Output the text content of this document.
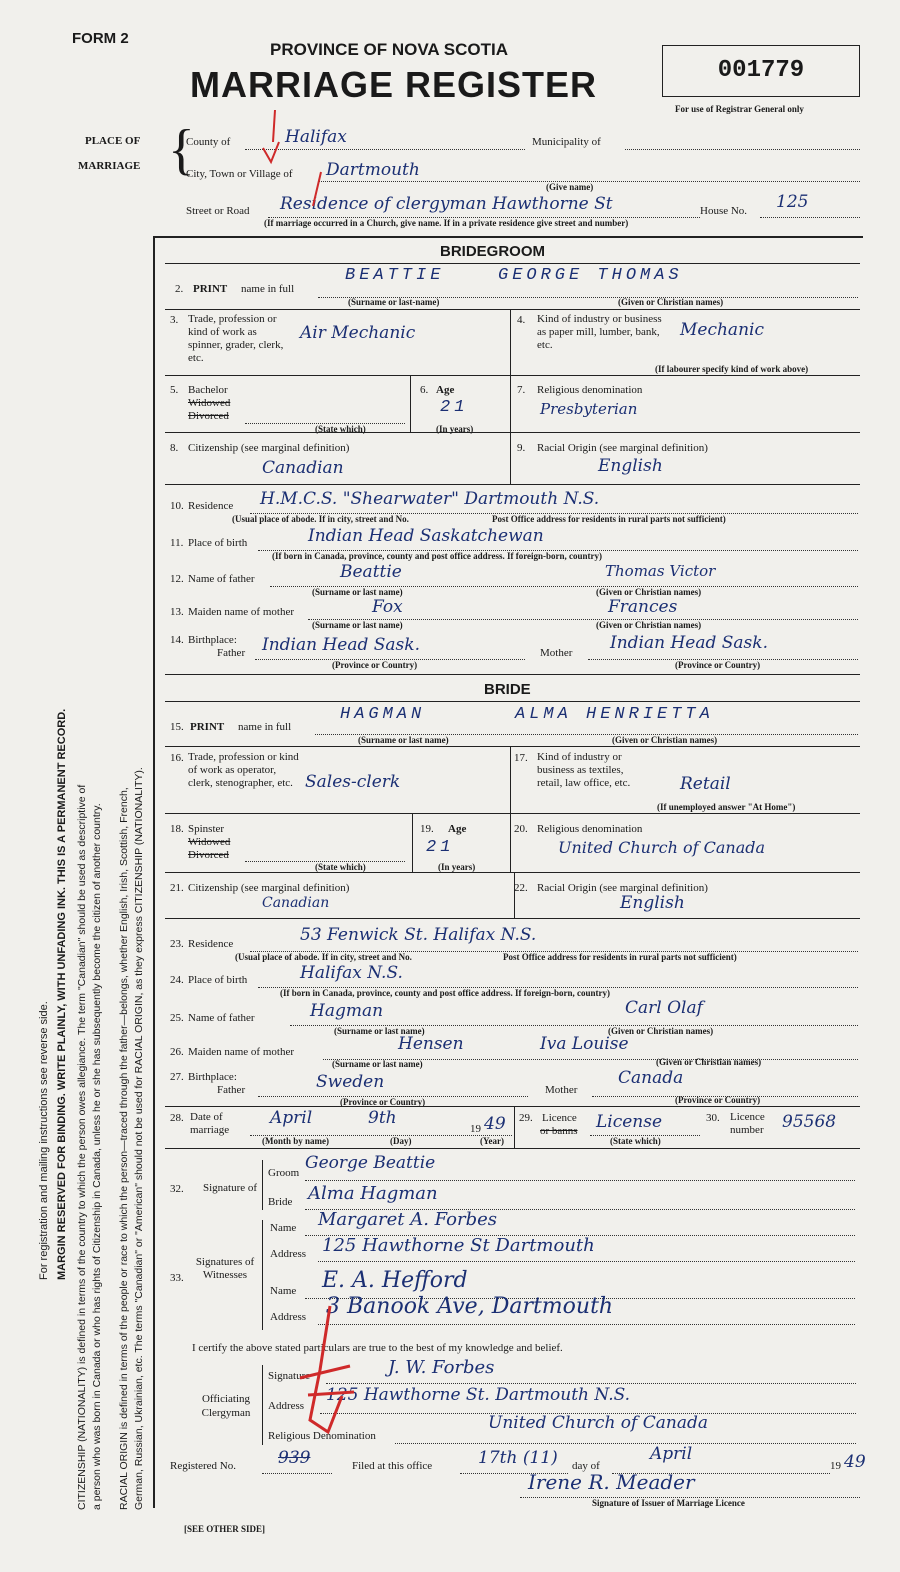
FORM 2
PROVINCE OF NOVA SCOTIA
MARRIAGE REGISTER	001779
For use of Registrar General only
PLACE OF
MARRIAGE {
County of	Halifax	Municipality of
City, Town or Village of Dartmouth
(Give name)
Street or Road Residence of clergyman Hawthorne St	House No. 125
(If marriage occurred in a Church, give name. If in a private residence give street and number)
For registration and mailing instructions see reverse side. MARGIN RESERVED FOR BINDING. WRITE PLAINLY, WITH UNFADING INK. THIS IS A PERMANENT RECORD. CITIZENSHIP (NATIONALITY) is defined in terms of the country to which the person owes allegiance. The term "Canadian" should be used as descriptive of a person who was born in Canada or who has rights of Citizenship in Canada, unless he or she has subsequently become the citizen of another country. RACIAL ORIGIN is defined in terms of the people or race to which the person—traced through the father—belongs, whether English, Irish, Scottish, French, German, Russian, Ukrainian, etc. The terms "Canadian" or "American" should not be used for RACIAL ORIGIN, as they express CITIZENSHIP (NATIONALITY).
BRIDEGROOM
2. PRINT name in full
BEATTIE	GEORGE THOMAS
(Surname or last-name)	(Given or Christian names)
3. Trade, profession or kind of work as spinner, grader, clerk, etc.
Air Mechanic
4. Kind of industry or business as paper mill, lumber, bank, etc.
Mechanic
(If labourer specify kind of work above)
5. Bachelor
Widowed
Divorced
(State which)
6. Age
21
(In years)
7. Religious denomination
Presbyterian
8. Citizenship (see marginal definition)
Canadian
9. Racial Origin (see marginal definition)
English
10. Residence H.M.C.S. "Shearwater" Dartmouth N.S.
(Usual place of abode. If in city, street and No.	Post Office address for residents in rural parts not sufficient)
11. Place of birth	Indian Head Saskatchewan
(If born in Canada, province, county and post office address. If foreign-born, country)
12. Name of father	Beattie	Thomas Victor
(Surname or last name)	(Given or Christian names)
13. Maiden name of mother	Fox	Frances
(Surname or last name)	(Given or Christian names)
14. Birthplace:
Father Indian Head Sask.
(Province or Country)
Mother Indian Head Sask.
(Province or Country)
BRIDE
15. PRINT name in full
HAGMAN	ALMA HENRIETTA
(Surname or last name)	(Given or Christian names)
16. Trade, profession or kind of work as operator, clerk, stenographer, etc. Sales-clerk
17. Kind of industry or business as textiles, retail, law office, etc.	Retail
(If unemployed answer "At Home")
18. Spinster
Widowed
Divorced
(State which)
19. Age
21
(In years)
20. Religious denomination
United Church of Canada
21. Citizenship (see marginal definition)
Canadian
22. Racial Origin (see marginal definition)
English
23. Residence	53 Fenwick St. Halifax N.S.
(Usual place of abode. If in city, street and No.	Post Office address for residents in rural parts not sufficient)
24. Place of birth	Halifax N.S.
(If born in Canada, province, county and post office address. If foreign-born, country)
25. Name of father	Hagman	Carl Olaf
(Surname or last name)	(Given or Christian names)
26. Maiden name of mother	Hensen	Iva Louise
(Surname or last name)	(Given or Christian names)
27. Birthplace:
Father	Sweden
(Province or Country)
Mother
Canada
(Province or Country)
28. Date of marriage
April	9th
19 49
(Month by name)	(Day)	(Year)
29. Licence
or banns License
(State which)
30. Licence number	95568
32. Signature of
Groom George Beattie
Bride Alma Hagman
33.
Signatures of Witnesses
Name Margaret A. Forbes
Address 125 Hawthorne St Dartmouth
Name E. A. Hefford
Address 3 Banook Ave, Dartmouth
I certify the above stated particulars are true to the best of my knowledge and belief.
Officiating Clergyman
Signature	J. W. Forbes
Address
125 Hawthorne St. Dartmouth N.S.
Religious Denomination
United Church of Canada
Registered No. 939	Filed at this office	17th (11) day of
April
19 49
Irene R. Meader
Signature of Issuer of Marriage Licence
[SEE OTHER SIDE]
